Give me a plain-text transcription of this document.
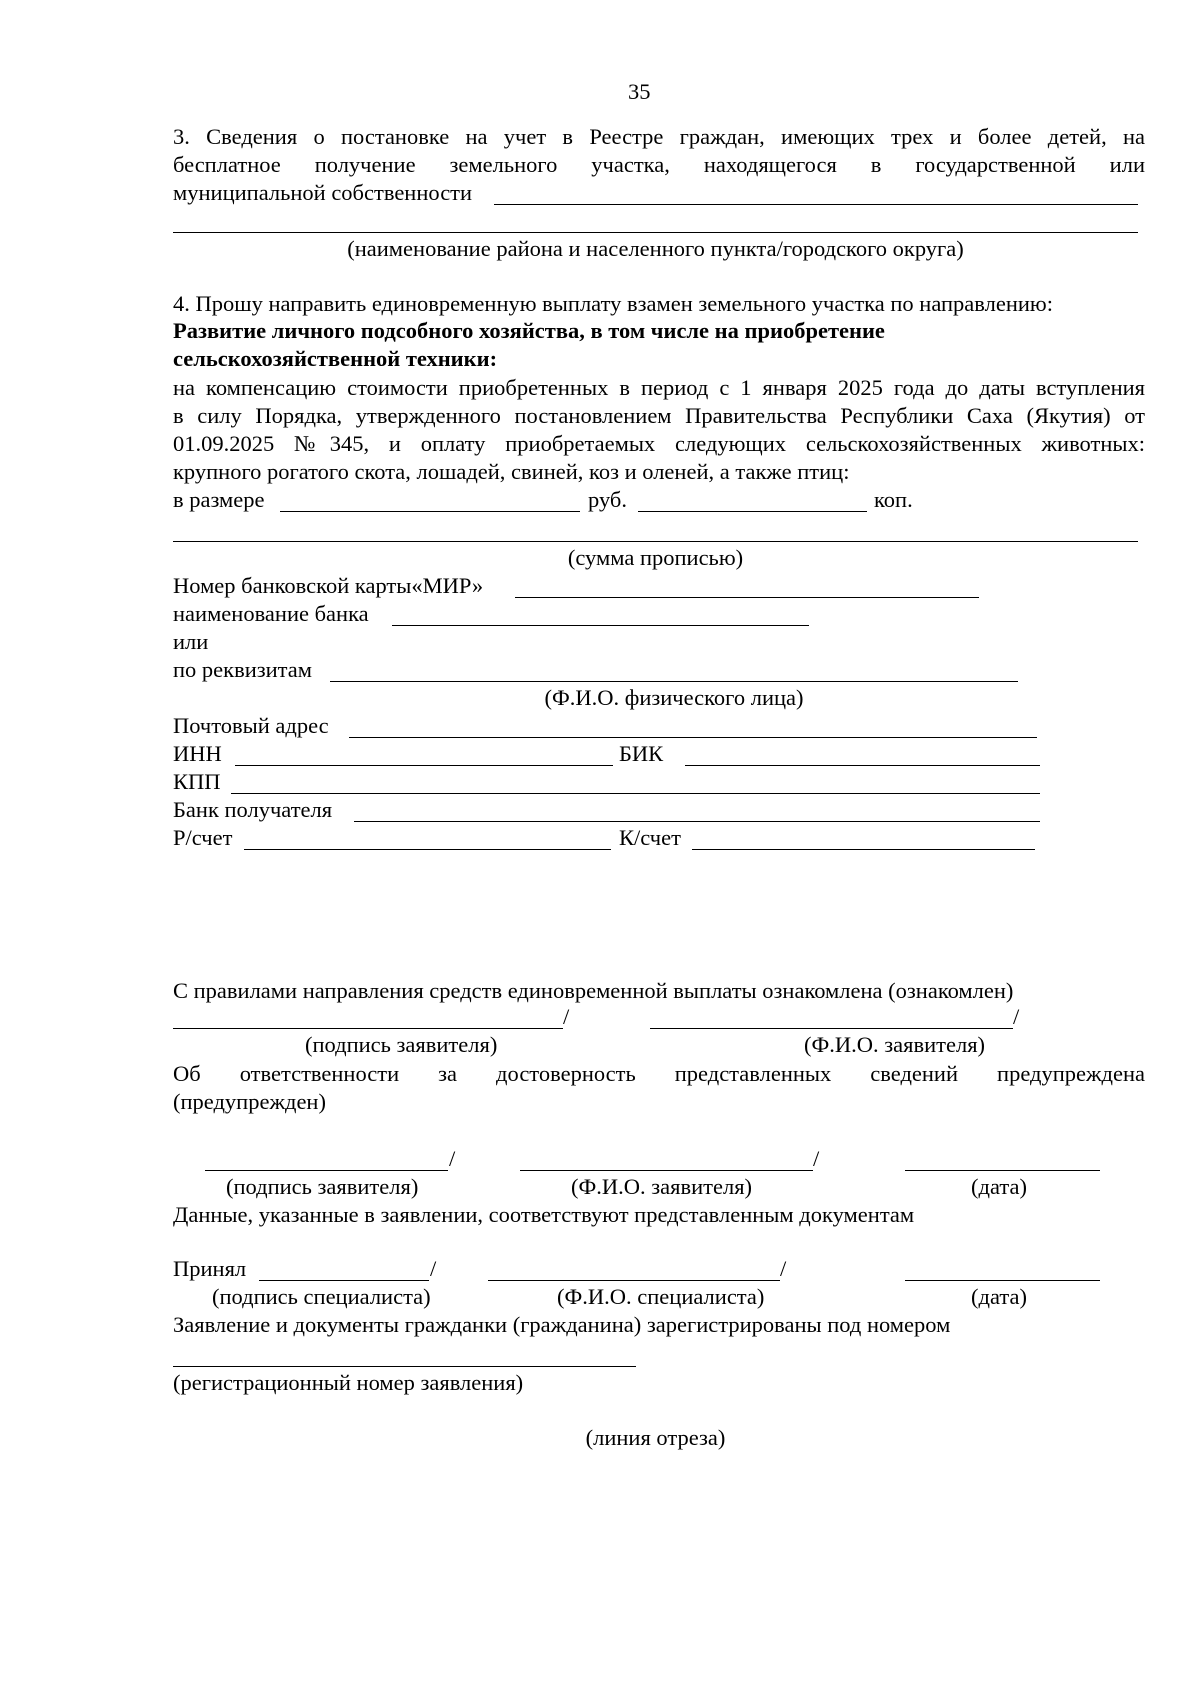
35
3. Сведения о постановке на учет в Реестре граждан, имеющих трех и более детей, на
бесплатное получение земельного участка, находящегося в государственной или
муниципальной собственности
(наименование района и населенного пункта/городского округа)
4. Прошу направить единовременную выплату взамен земельного участка по направлению:
Развитие личного подсобного хозяйства, в том числе на приобретение
сельскохозяйственной техники:
на компенсацию стоимости приобретенных в период с 1 января 2025 года до даты вступления
в силу Порядка, утвержденного постановлением Правительства Республики Саха (Якутия) от
01.09.2025 №345, и оплату приобретаемых следующих сельскохозяйственных животных:
крупного рогатого скота, лошадей, свиней, коз и оленей, а также птиц:
в размере	руб.	коп.
(сумма прописью)
Номер банковской карты«МИР»
наименование банка
или
по реквизитам
(Ф.И.О. физического лица)
Почтовый адрес
ИНН	БИК
КПП
Банк получателя
Р/счет	К/счет
С правилами направления средств единовременной выплаты ознакомлена (ознакомлен)
/	/
(подпись заявителя)	(Ф.И.О. заявителя)
Об ответственности за достоверность представленных сведений предупреждена
(предупрежден)
/	/
(подпись заявителя)	(Ф.И.О. заявителя)	(дата)
Данные, указанные в заявлении, соответствуют представленным документам
Принял	/	/
(подпись специалиста)	(Ф.И.О. специалиста)	(дата)
Заявление и документы гражданки (гражданина) зарегистрированы под номером
(регистрационный номер заявления)
(линия отреза)
